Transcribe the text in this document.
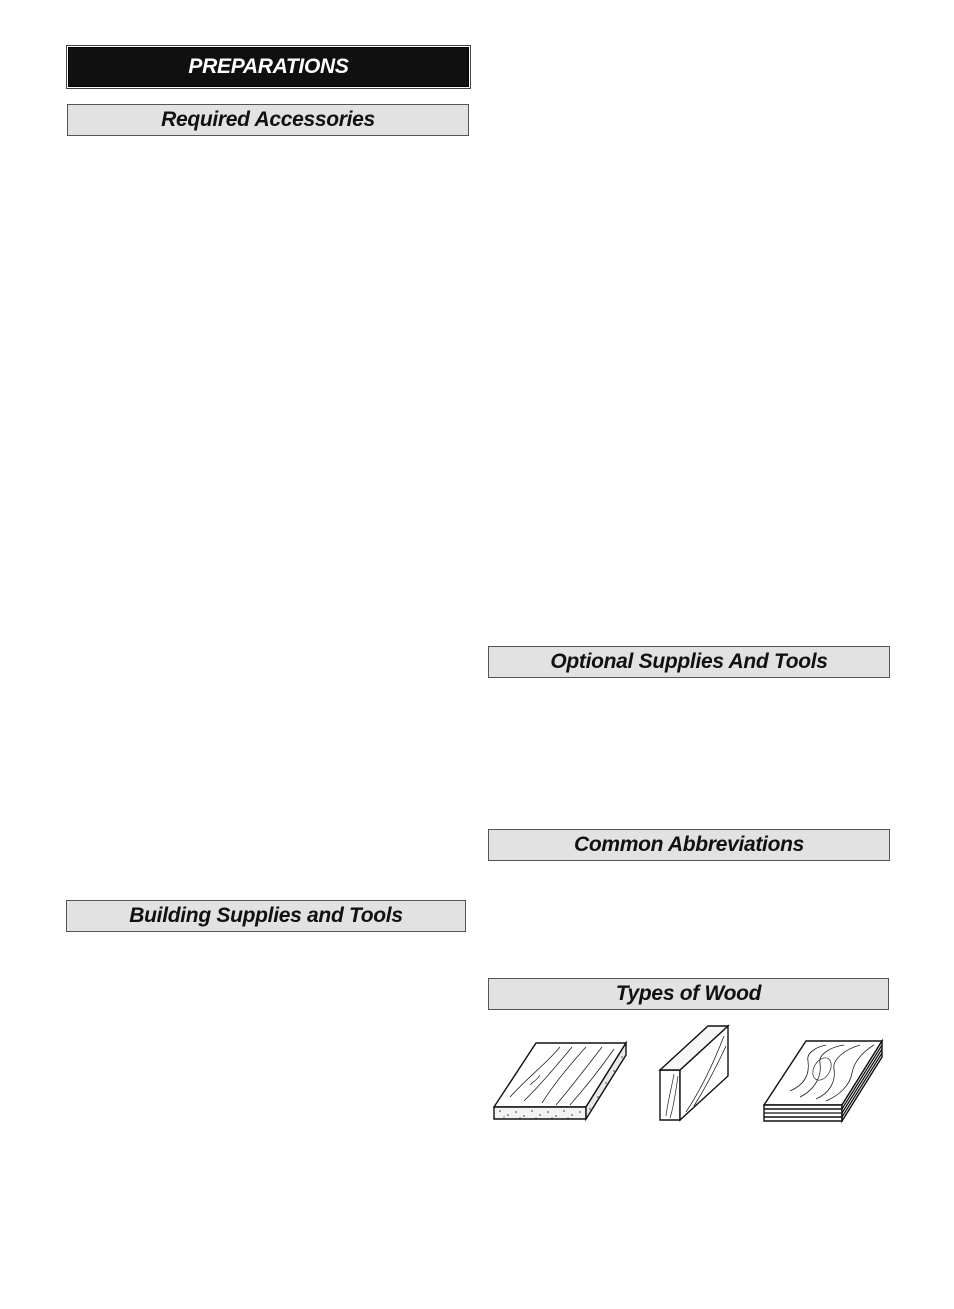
PREPARATIONS
Required Accessories
Optional Supplies And Tools
Common Abbreviations
Building Supplies and Tools
Types of Wood
